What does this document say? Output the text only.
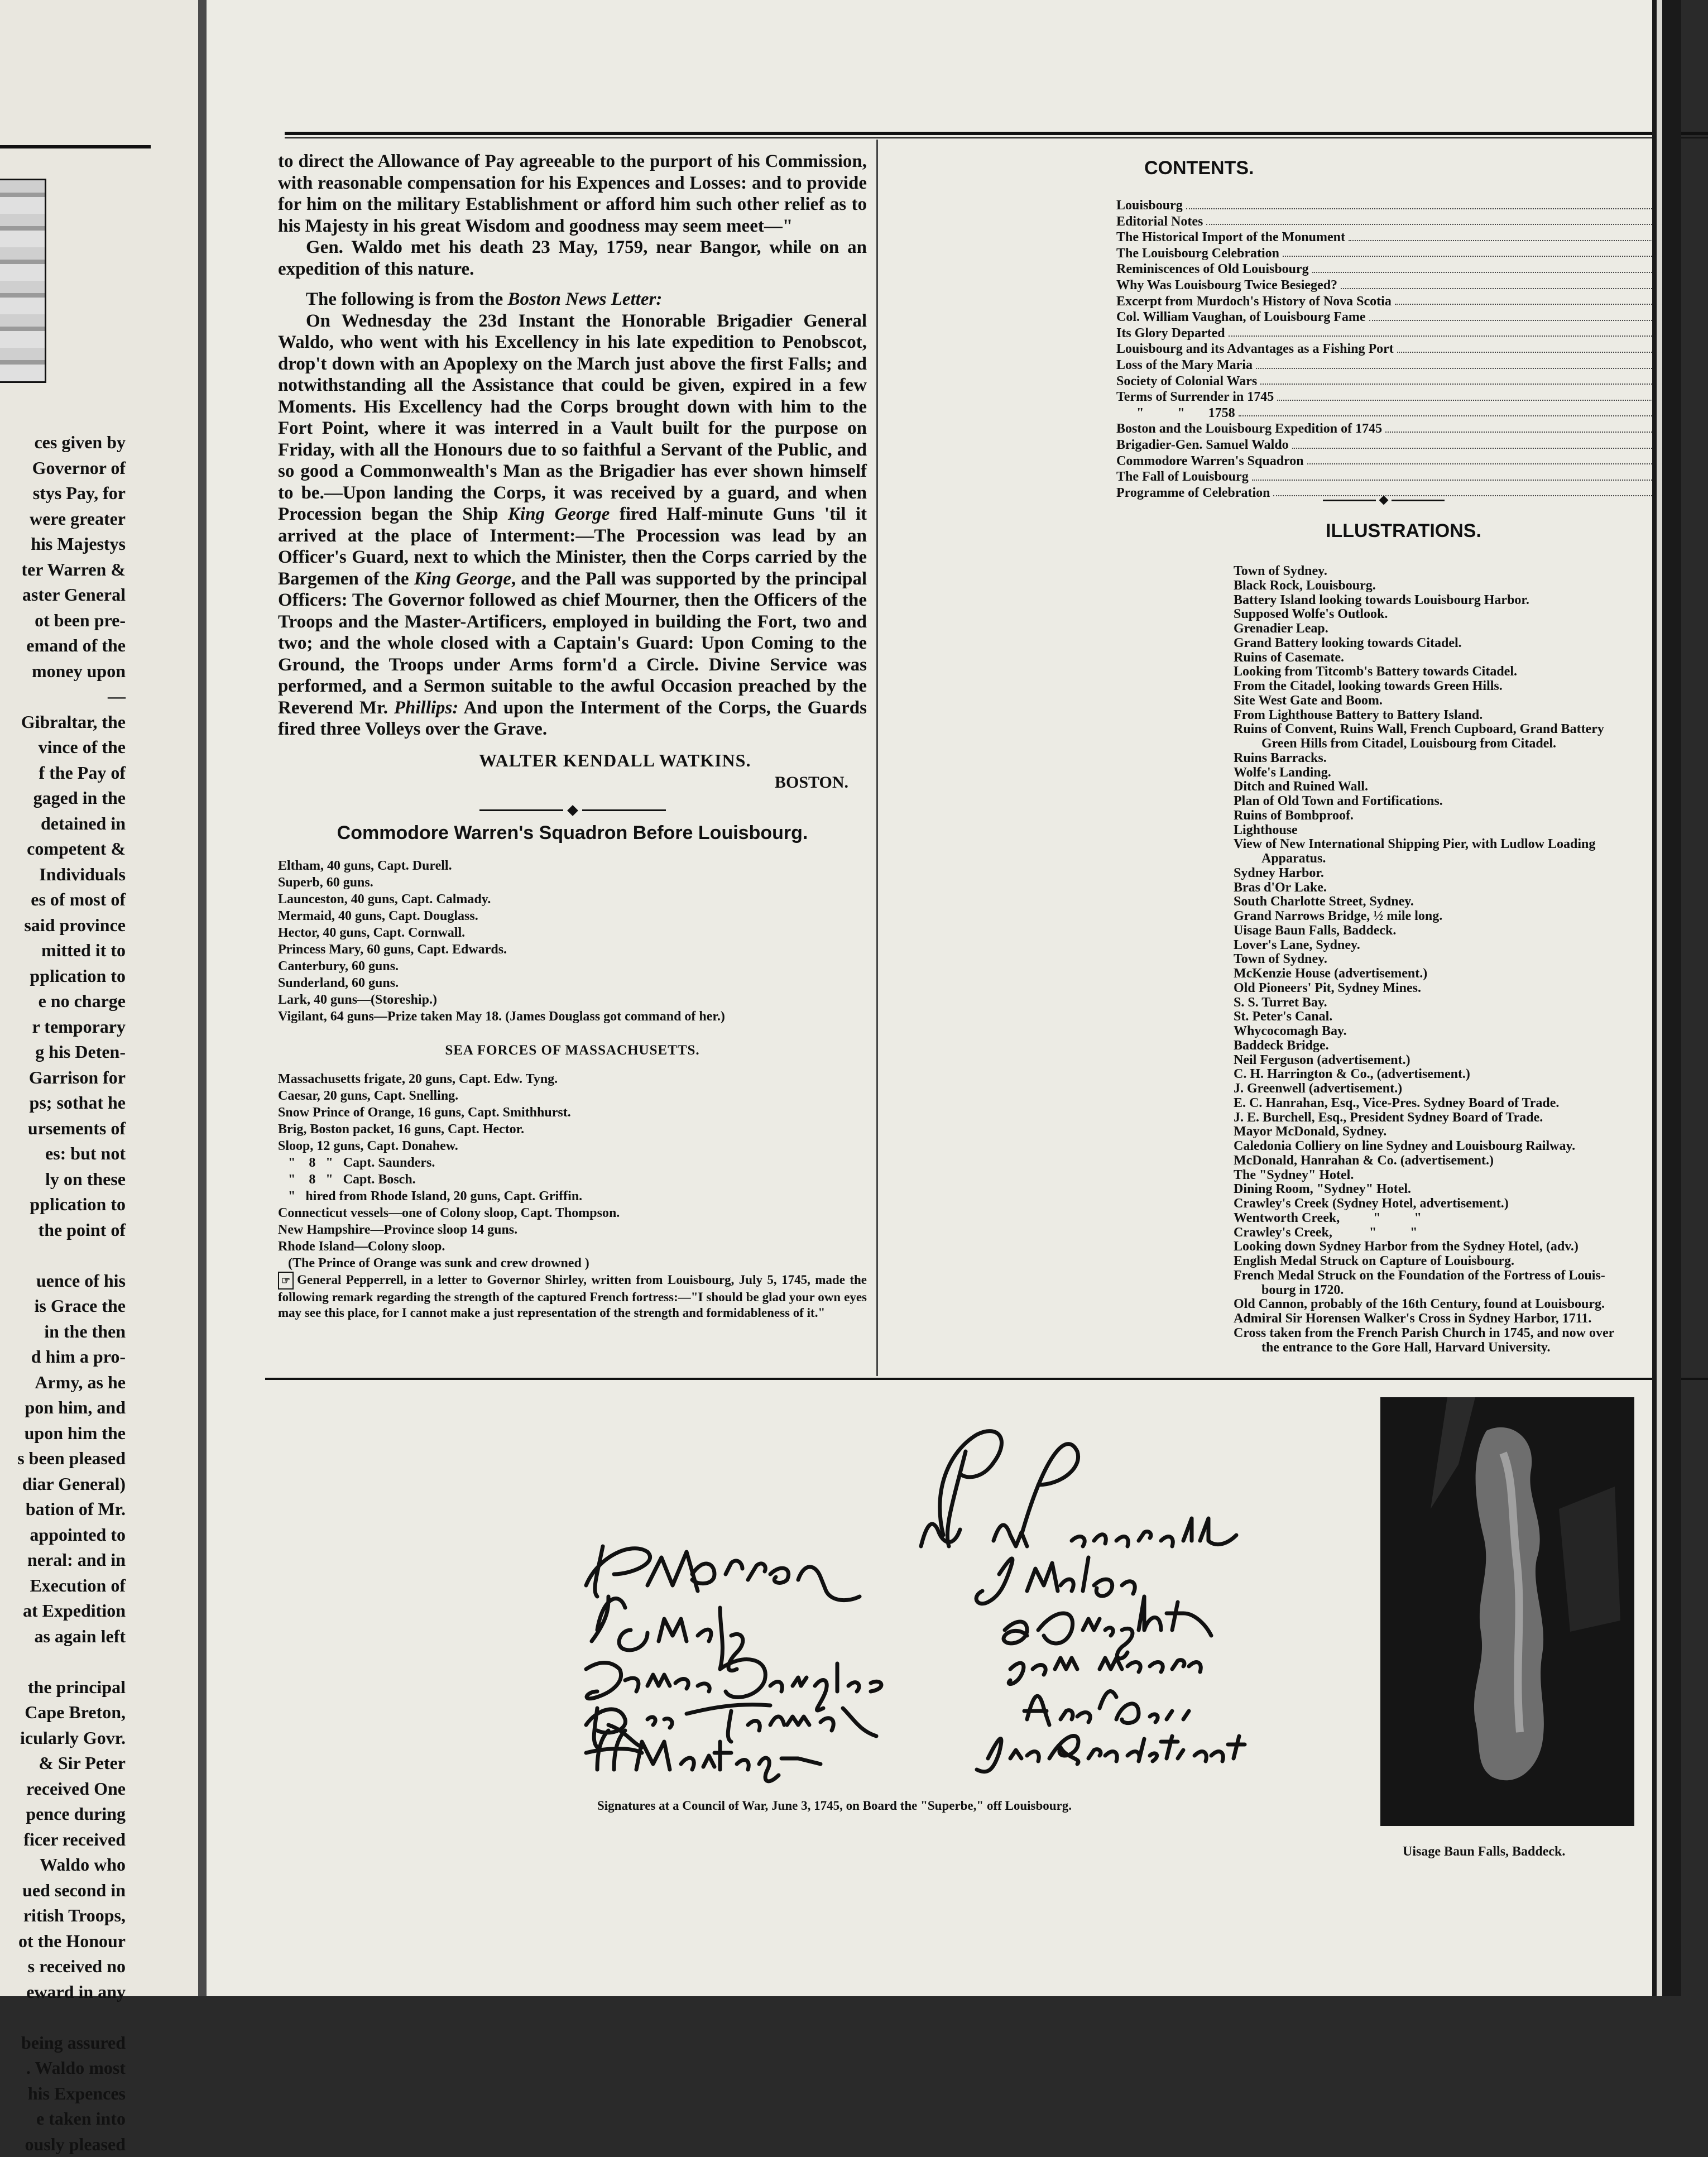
ces given by
Governor of
stys Pay, for
were greater
his Majestys
ter Warren &
aster General
ot been pre-
emand of the
money upon
—
Gibraltar, the
vince of the
f the Pay of
gaged in the
detained in
competent &
Individuals
es of most of
said province
mitted it to
pplication to
e no charge
r temporary
g his Deten-
Garrison for
ps; sothat he
ursements of
es: but not
ly on these
pplication to
the point of
uence of his
is Grace the
in the then
d him a pro-
Army, as he
pon him, and
upon him the
s been pleased
diar General)
bation of Mr.
appointed to
neral: and in
Execution of
at Expedition
as again left
the principal
Cape Breton,
icularly Govr.
& Sir Peter
received One
pence during
ficer received
Waldo who
ued second in
ritish Troops,
ot the Honour
s received no
eward in any
being assured
. Waldo most
his Expences
e taken into
ously pleased

to direct the Allowance of Pay agreeable to the purport of his Commission, with reasonable compensation for his Expences and Losses: and to provide for him on the military Establishment or afford him such other relief as to his Majesty in his great Wisdom and goodness may seem meet—"

Gen. Waldo met his death 23 May, 1759, near Bangor, while on an expedition of this nature.

The following is from the Boston News Letter:

On Wednesday the 23d Instant the Honorable Brigadier General Waldo, who went with his Excellency in his late expedition to Penobscot, drop't down with an Apoplexy on the March just above the first Falls; and notwithstanding all the Assistance that could be given, expired in a few Moments. His Excellency had the Corps brought down with him to the Fort Point, where it was interred in a Vault built for the purpose on Friday, with all the Honours due to so faithful a Servant of the Public, and so good a Commonwealth's Man as the Brigadier has ever shown himself to be.—Upon landing the Corps, it was received by a guard, and when Procession began the Ship King George fired Half-minute Guns 'til it arrived at the place of Interment:—The Procession was lead by an Officer's Guard, next to which the Minister, then the Corps carried by the Bargemen of the King George, and the Pall was supported by the principal Officers: The Governor followed as chief Mourner, then the Officers of the Troops and the Master-Artificers, employed in building the Fort, two and two; and the whole closed with a Captain's Guard: Upon Coming to the Ground, the Troops under Arms form'd a Circle. Divine Service was performed, and a Sermon suitable to the awful Occasion preached by the Reverend Mr. Phillips: And upon the Interment of the Corps, the Guards fired three Volleys over the Grave.

WALTER KENDALL WATKINS.
BOSTON.
Commodore Warren's Squadron Before Louisbourg.
Eltham, 40 guns, Capt. Durell.
Superb, 60 guns.
Launceston, 40 guns, Capt. Calmady.
Mermaid, 40 guns, Capt. Douglass.
Hector, 40 guns, Capt. Cornwall.
Princess Mary, 60 guns, Capt. Edwards.
Canterbury, 60 guns.
Sunderland, 60 guns.
Lark, 40 guns—(Storeship.)
Vigilant, 64 guns—Prize taken May 18. (James Douglass got command of her.)
SEA FORCES OF MASSACHUSETTS.
Massachusetts frigate, 20 guns, Capt. Edw. Tyng.
Caesar, 20 guns, Capt. Snelling.
Snow Prince of Orange, 16 guns, Capt. Smithhurst.
Brig, Boston packet, 16 guns, Capt. Hector.
Sloop, 12 guns, Capt. Donahew.
"    8   "   Capt. Saunders.
"    8   "   Capt. Bosch.
"   hired from Rhode Island, 20 guns, Capt. Griffin.
Connecticut vessels—one of Colony sloop, Capt. Thompson.
New Hampshire—Province sloop 14 guns.
Rhode Island—Colony sloop.
(The Prince of Orange was sunk and crew drowned )
☞ General Pepperrell, in a letter to Governor Shirley, written from Louisbourg, July 5, 1745, made the following remark regarding the strength of the captured French fortress:—"I should be glad your own eyes may see this place, for I cannot make a just representation of the strength and formidableness of it."
CONTENTS.
Louisbourg
Editorial Notes
The Historical Import of the Monument
The Louisbourg Celebration
Reminiscences of Old Louisbourg
Why Was Louisbourg Twice Besieged?
Excerpt from Murdoch's History of Nova Scotia
Col. William Vaughan, of Louisbourg Fame
Its Glory Departed
Louisbourg and its Advantages as a Fishing Port
Loss of the Mary Maria
Society of Colonial Wars
Terms of Surrender in 1745
"          "       1758
Boston and the Louisbourg Expedition of 1745
Brigadier-Gen. Samuel Waldo
Commodore Warren's Squadron
The Fall of Louisbourg
Programme of Celebration
ILLUSTRATIONS.
Town of Sydney.
Black Rock, Louisbourg.
Battery Island looking towards Louisbourg Harbor.
Supposed Wolfe's Outlook.
Grenadier Leap.
Grand Battery looking towards Citadel.
Ruins of Casemate.
Looking from Titcomb's Battery towards Citadel.
From the Citadel, looking towards Green Hills.
Site West Gate and Boom.
From Lighthouse Battery to Battery Island.
Ruins of Convent, Ruins Wall, French Cupboard, Grand Battery
Green Hills from Citadel, Louisbourg from Citadel.
Ruins Barracks.
Wolfe's Landing.
Ditch and Ruined Wall.
Plan of Old Town and Fortifications.
Ruins of Bombproof.
Lighthouse
View of New International Shipping Pier, with Ludlow Loading
Apparatus.
Sydney Harbor.
Bras d'Or Lake.
South Charlotte Street, Sydney.
Grand Narrows Bridge, ½ mile long.
Uisage Baun Falls, Baddeck.
Lover's Lane, Sydney.
Town of Sydney.
McKenzie House (advertisement.)
Old Pioneers' Pit, Sydney Mines.
S. S. Turret Bay.
St. Peter's Canal.
Whycocomagh Bay.
Baddeck Bridge.
Neil Ferguson (advertisement.)
C. H. Harrington & Co., (advertisement.)
J. Greenwell (advertisement.)
E. C. Hanrahan, Esq., Vice-Pres. Sydney Board of Trade.
J. E. Burchell, Esq., President Sydney Board of Trade.
Mayor McDonald, Sydney.
Caledonia Colliery on line Sydney and Louisbourg Railway.
McDonald, Hanrahan & Co. (advertisement.)
The "Sydney" Hotel.
Dining Room, "Sydney" Hotel.
Crawley's Creek (Sydney Hotel, advertisement.)
Wentworth Creek,          "          "
Crawley's Creek,           "          "
Looking down Sydney Harbor from the Sydney Hotel, (adv.)
English Medal Struck on Capture of Louisbourg.
French Medal Struck on the Foundation of the Fortress of Louis-
bourg in 1720.
Old Cannon, probably of the 16th Century, found at Louisbourg.
Admiral Sir Horensen Walker's Cross in Sydney Harbor, 1711.
Cross taken from the French Parish Church in 1745, and now over
the entrance to the Gore Hall, Harvard University.
Signatures at a Council of War, June 3, 1745, on Board the "Superbe," off Louisbourg.
Uisage Baun Falls, Baddeck.
